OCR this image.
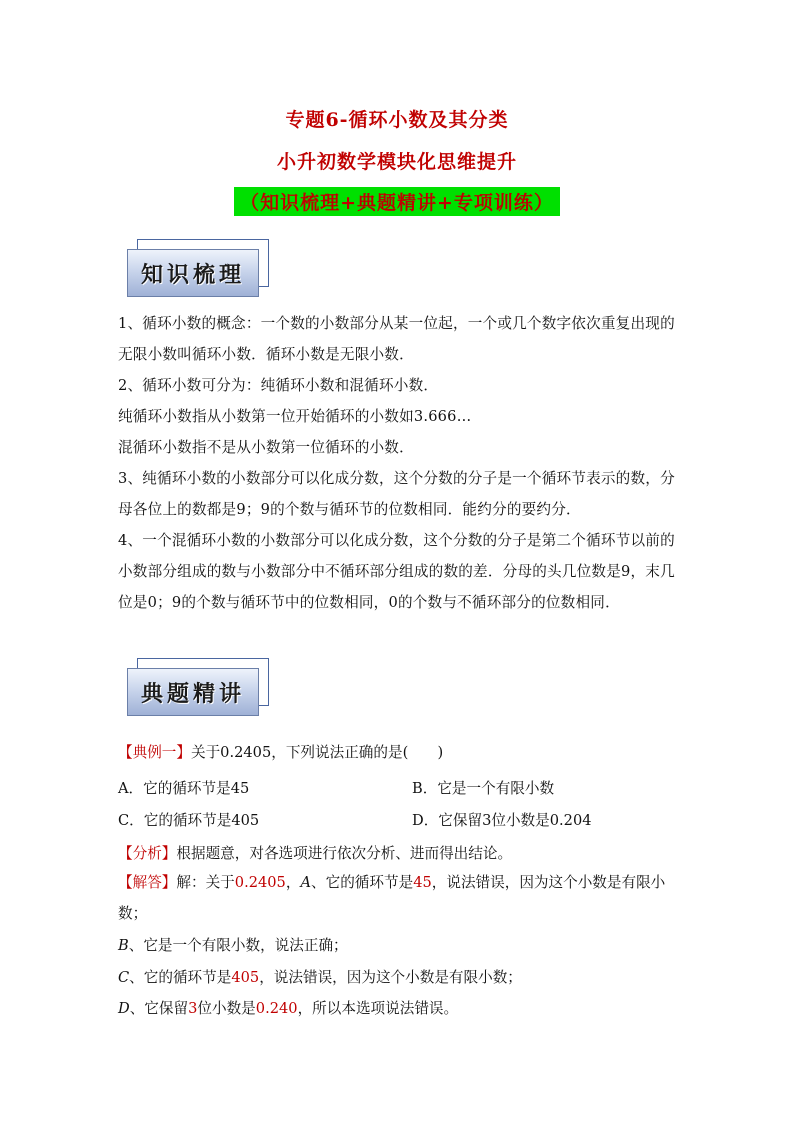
专题6-循环小数及其分类
小升初数学模块化思维提升
（知识梳理+典题精讲+专项训练）
知识梳理
1、循环小数的概念：一个数的小数部分从某一位起，一个或几个数字依次重复出现的无限小数叫循环小数．循环小数是无限小数．
2、循环小数可分为：纯循环小数和混循环小数．
纯循环小数指从小数第一位开始循环的小数如3.666…
混循环小数指不是从小数第一位循环的小数．
3、纯循环小数的小数部分可以化成分数，这个分数的分子是一个循环节表示的数，分母各位上的数都是9；9的个数与循环节的位数相同．能约分的要约分．
4、一个混循环小数的小数部分可以化成分数，这个分数的分子是第二个循环节以前的小数部分组成的数与小数部分中不循环部分组成的数的差．分母的头几位数是9，末几位是0；9的个数与循环节中的位数相同，0的个数与不循环部分的位数相同．
典题精讲
【典例一】关于0.2405，下列说法正确的是(　　)
A．它的循环节是45	B．它是一个有限小数
C．它的循环节是405	D．它保留3位小数是0.204
【分析】根据题意，对各选项进行依次分析、进而得出结论。
【解答】解：关于0.2405，A、它的循环节是45，说法错误，因为这个小数是有限小数；
B、它是一个有限小数，说法正确；
C、它的循环节是405，说法错误，因为这个小数是有限小数；
D、它保留3位小数是0.240，所以本选项说法错误。
